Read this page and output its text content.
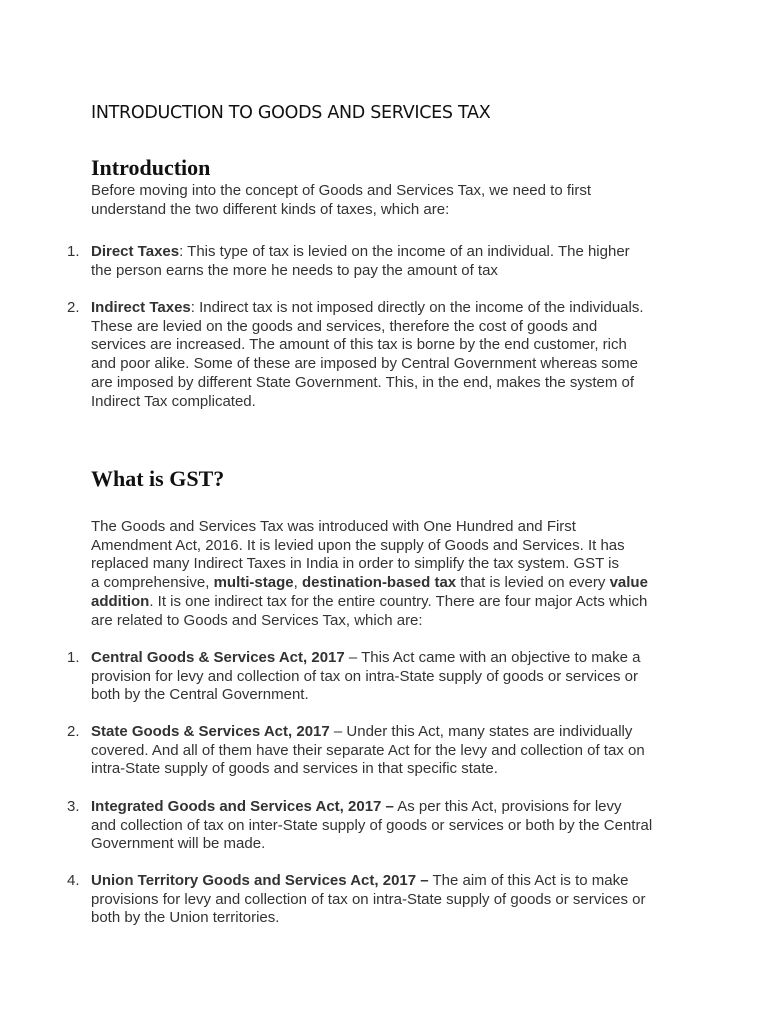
INTRODUCTION TO GOODS AND SERVICES TAX
Introduction
Before moving into the concept of Goods and Services Tax, we need to first
understand the two different kinds of taxes, which are:
1. Direct Taxes: This type of tax is levied on the income of an individual. The higher
the person earns the more he needs to pay the amount of tax
2. Indirect Taxes: Indirect tax is not imposed directly on the income of the individuals.
These are levied on the goods and services, therefore the cost of goods and
services are increased. The amount of this tax is borne by the end customer, rich
and poor alike. Some of these are imposed by Central Government whereas some
are imposed by different State Government. This, in the end, makes the system of
Indirect Tax complicated.
What is GST?
The Goods and Services Tax was introduced with One Hundred and First
Amendment Act, 2016. It is levied upon the supply of Goods and Services. It has
replaced many Indirect Taxes in India in order to simplify the tax system. GST is
a comprehensive, multi-stage, destination-based tax that is levied on every value
addition. It is one indirect tax for the entire country. There are four major Acts which
are related to Goods and Services Tax, which are:
1. Central Goods & Services Act, 2017 – This Act came with an objective to make a
provision for levy and collection of tax on intra-State supply of goods or services or
both by the Central Government.
2. State Goods & Services Act, 2017 – Under this Act, many states are individually
covered. And all of them have their separate Act for the levy and collection of tax on
intra-State supply of goods and services in that specific state.
3. Integrated Goods and Services Act, 2017 – As per this Act, provisions for levy
and collection of tax on inter-State supply of goods or services or both by the Central
Government will be made.
4. Union Territory Goods and Services Act, 2017 – The aim of this Act is to make
provisions for levy and collection of tax on intra-State supply of goods or services or
both by the Union territories.
